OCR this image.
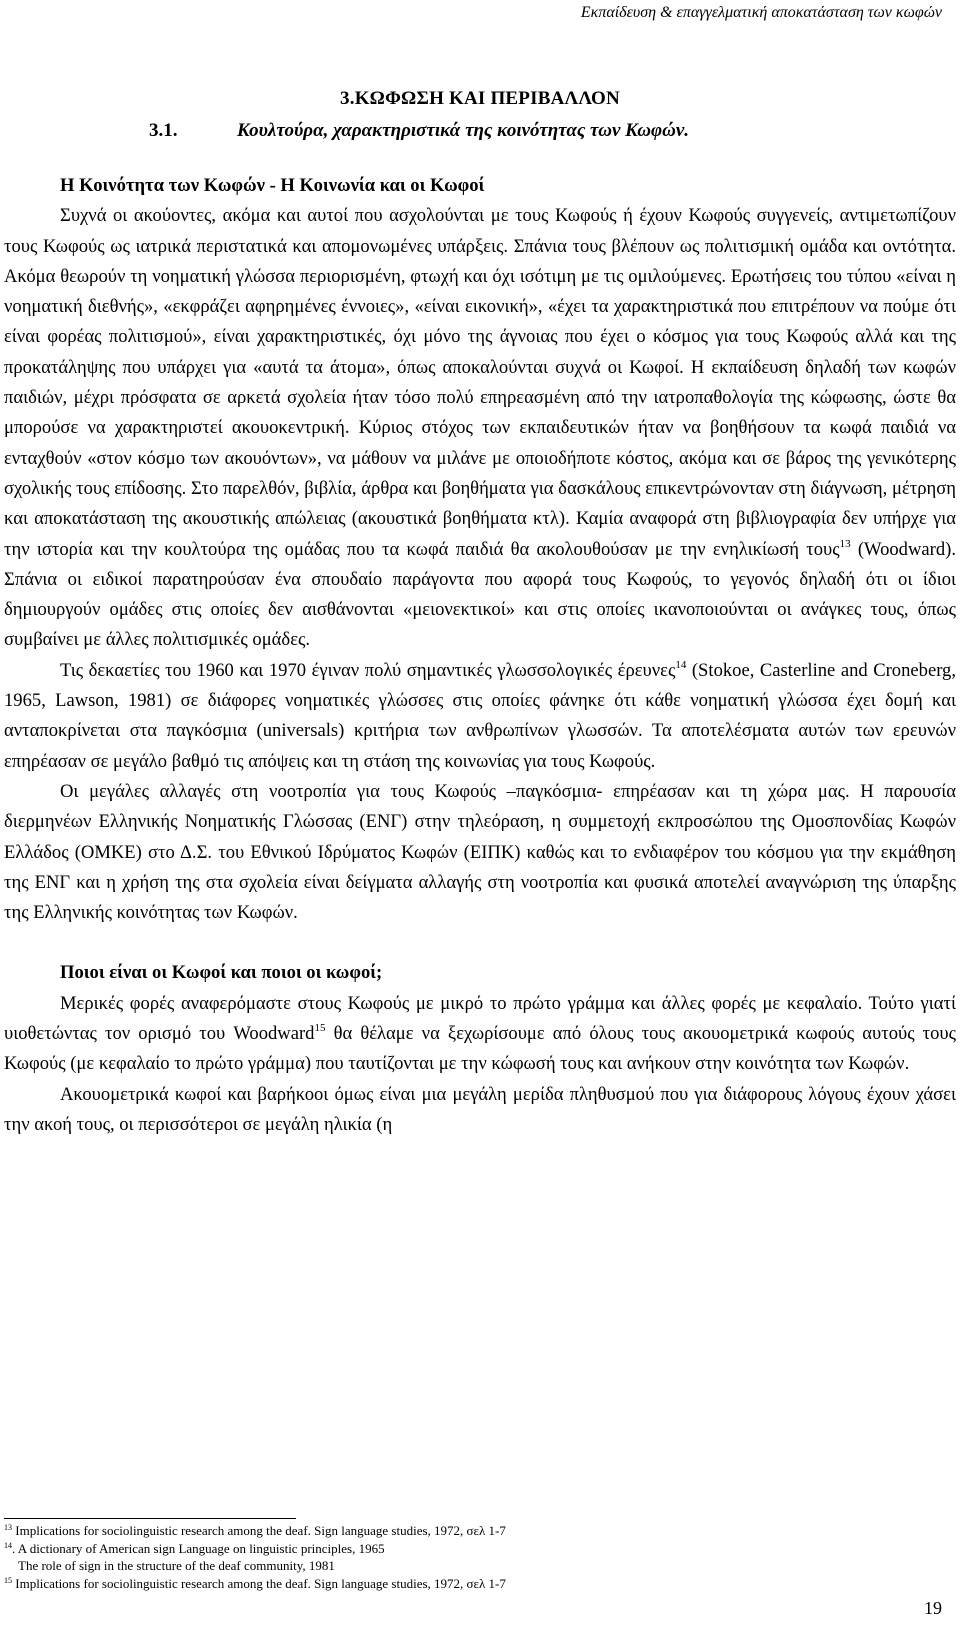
Εκπαίδευση & επαγγελματική αποκατάσταση των κωφών
3.ΚΩΦΩΣΗ ΚΑΙ ΠΕΡΙΒΑΛΛΟΝ
3.1.	Κουλτούρα, χαρακτηριστικά της κοινότητας των Κωφών.

Η Κοινότητα των Κωφών - Η Κοινωνία και οι Κωφοί

Συχνά οι ακούοντες, ακόμα και αυτοί που ασχολούνται με τους Κωφούς ή έχουν Κωφούς συγγενείς, αντιμετωπίζουν τους Κωφούς ως ιατρικά περιστατικά και απομονωμένες υπάρξεις. Σπάνια τους βλέπουν ως πολιτισμική ομάδα και οντότητα. Ακόμα θεωρούν τη νοηματική γλώσσα περιορισμένη, φτωχή και όχι ισότιμη με τις ομιλούμενες. Ερωτήσεις του τύπου «είναι η νοηματική διεθνής», «εκφράζει αφηρημένες έννοιες», «είναι εικονική», «έχει τα χαρακτηριστικά που επιτρέπουν να πούμε ότι είναι φορέας πολιτισμού», είναι χαρακτηριστικές, όχι μόνο της άγνοιας που έχει ο κόσμος για τους Κωφούς αλλά και της προκατάληψης που υπάρχει για «αυτά τα άτομα», όπως αποκαλούνται συχνά οι Κωφοί. Η εκπαίδευση δηλαδή των κωφών παιδιών, μέχρι πρόσφατα σε αρκετά σχολεία ήταν τόσο πολύ επηρεασμένη από την ιατροπαθολογία της κώφωσης, ώστε θα μπορούσε να χαρακτηριστεί ακουοκεντρική. Κύριος στόχος των εκπαιδευτικών ήταν να βοηθήσουν τα κωφά παιδιά να ενταχθούν «στον κόσμο των ακουόντων», να μάθουν να μιλάνε με οποιοδήποτε κόστος, ακόμα και σε βάρος της γενικότερης σχολικής τους επίδοσης. Στο παρελθόν, βιβλία, άρθρα και βοηθήματα για δασκάλους επικεντρώνονταν στη διάγνωση, μέτρηση και αποκατάσταση της ακουστικής απώλειας (ακουστικά βοηθήματα κτλ). Καμία αναφορά στη βιβλιογραφία δεν υπήρχε για την ιστορία και την κουλτούρα της ομάδας που τα κωφά παιδιά θα ακολουθούσαν με την ενηλικίωσή τους$^{13}$ (Woodward). Σπάνια οι ειδικοί παρατηρούσαν ένα σπουδαίο παράγοντα που αφορά τους Κωφούς, το γεγονός δηλαδή ότι οι ίδιοι δημιουργούν ομάδες στις οποίες δεν αισθάνονται «μειονεκτικοί» και στις οποίες ικανοποιούνται οι ανάγκες τους, όπως συμβαίνει με άλλες πολιτισμικές ομάδες.

Τις δεκαετίες του 1960 και 1970 έγιναν πολύ σημαντικές γλωσσολογικές έρευνες$^{14}$ (Stokoe, Casterline and Croneberg, 1965, Lawson, 1981) σε διάφορες νοηματικές γλώσσες στις οποίες φάνηκε ότι κάθε νοηματική γλώσσα έχει δομή και ανταποκρίνεται στα παγκόσμια (universals) κριτήρια των ανθρωπίνων γλωσσών. Τα αποτελέσματα αυτών των ερευνών επηρέασαν σε μεγάλο βαθμό τις απόψεις και τη στάση της κοινωνίας για τους Κωφούς.

Οι μεγάλες αλλαγές στη νοοτροπία για τους Κωφούς –παγκόσμια- επηρέασαν και τη χώρα μας. Η παρουσία διερμηνέων Ελληνικής Νοηματικής Γλώσσας (ΕΝΓ) στην τηλεόραση, η συμμετοχή εκπροσώπου της Ομοσπονδίας Κωφών Ελλάδος (ΟΜΚΕ) στο Δ.Σ. του Εθνικού Ιδρύματος Κωφών (ΕΙΠΚ) καθώς και το ενδιαφέρον του κόσμου για την εκμάθηση της ΕΝΓ και η χρήση της στα σχολεία είναι δείγματα αλλαγής στη νοοτροπία και φυσικά αποτελεί αναγνώριση της ύπαρξης της Ελληνικής κοινότητας των Κωφών.

Ποιοι είναι οι Κωφοί και ποιοι οι κωφοί;

Μερικές φορές αναφερόμαστε στους Κωφούς με μικρό το πρώτο γράμμα και άλλες φορές με κεφαλαίο. Τούτο γιατί υιοθετώντας τον ορισμό του Woodward$^{15}$ θα θέλαμε να ξεχωρίσουμε από όλους τους ακουομετρικά κωφούς αυτούς τους Κωφούς (με κεφαλαίο το πρώτο γράμμα) που ταυτίζονται με την κώφωσή τους και ανήκουν στην κοινότητα των Κωφών.

Ακουομετρικά κωφοί και βαρήκοοι όμως είναι μια μεγάλη μερίδα πληθυσμού που για διάφορους λόγους έχουν χάσει την ακοή τους, οι περισσότεροι σε μεγάλη ηλικία (η

$^{13}$ Implications for sociolinguistic research among the deaf. Sign language studies, 1972, σελ 1-7

$^{14}$. A dictionary of American sign Language on linguistic principles, 1965

The role of sign in the structure of the deaf community, 1981

$^{15}$ Implications for sociolinguistic research among the deaf. Sign language studies, 1972, σελ 1-7

19
